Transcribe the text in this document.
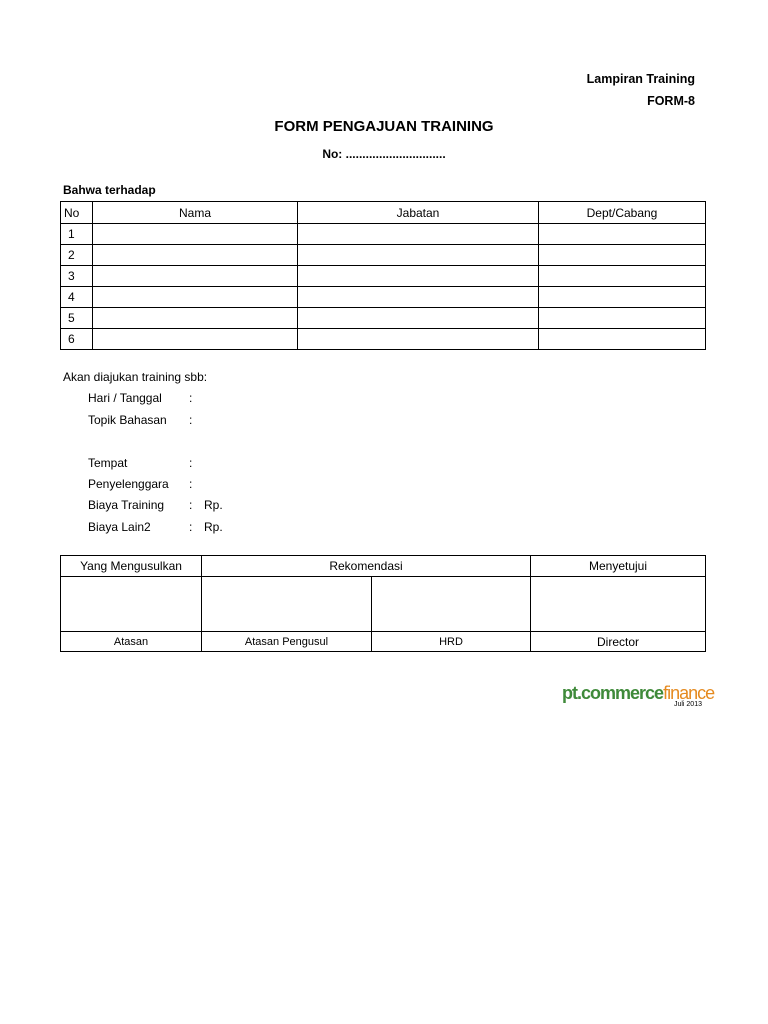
Lampiran Training
FORM-8
FORM PENGAJUAN TRAINING
No: ..............................
Bahwa terhadap
No	Nama	Jabatan	Dept/Cabang
1			
2			
3			
4			
5			
6			
Akan diajukan training sbb:
Hari / Tanggal :
Topik Bahasan :
Tempat	:
Penyelenggara :
Biaya Training : Rp.
Biaya Lain2	: Rp.
Yang Mengusulkan	Rekomendasi		Menyetujui

Atasan	Atasan Pengusul	HRD	Director
pt.commercefinance
Juli 2013
